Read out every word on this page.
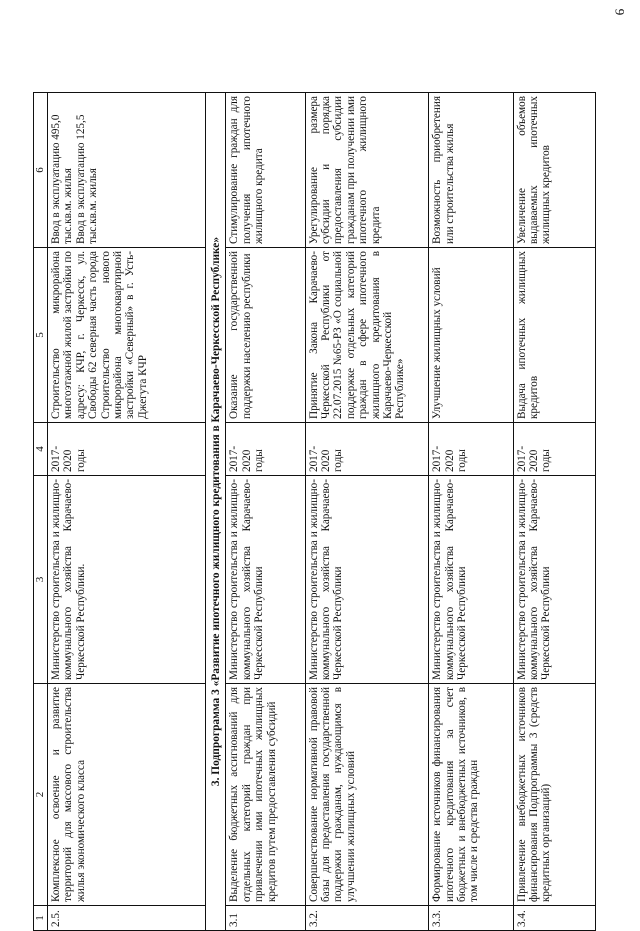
9
1	2	3	4	5	6
2.5.	Комплексное освоение и развитие территорий для массового строительства жилья экономического класса	Министерство строительства и жилищно-коммунального хозяйства Карачаево-Черкесской Республики.	2017-2020 годы	Строительство микрорайона многоэтажной жилой застройки по адресу: КЧР, г. Черкесск, ул. Свободы 62 северная часть города Строительство нового микрорайона многоквартирной застройки «Северный» в г. Усть-Джегута КЧР	Ввод в эксплуатацию 495,0 тыс.кв.м. жилья
Ввод в эксплуатацию 125,5 тыс.кв.м. жилья
3. Подпрограмма 3 «Развитие ипотечного жилищного кредитования в Карачаево-Черкесской Республике»					
3.1	Выделение бюджетных ассигнований для отдельных категорий граждан при привлечении ими ипотечных жилищных кредитов путем предоставления субсидий	Министерство строительства и жилищно-коммунального хозяйства Карачаево-Черкесской Республики	2017-2020 годы	Оказание государственной поддержки населению республики	Стимулирование граждан для получения ипотечного жилищного кредита
3.2.	Совершенствование нормативной правовой базы для предоставления государственной поддержки гражданам, нуждающимся в улучшении жилищных условий	Министерство строительства и жилищно-коммунального хозяйства Карачаево-Черкесской Республики	2017-2020 годы	Принятие Закона Карачаево-Черкесской Республики от 22.07.2015 №65-РЗ «О социальной поддержке отдельных категорий граждан в сфере ипотечного жилищного кредитования в Карачаево-Черкесской Республике»	Урегулирование размера субсидии и порядка предоставления субсидии гражданам при получении ими ипотечного жилищного кредита
3.3.	Формирование источников финансирования ипотечного кредитования за счет бюджетных и внебюджетных источников, в том числе и средства граждан	Министерство строительства и жилищно-коммунального хозяйства Карачаево-Черкесской Республики	2017-2020 годы	Улучшение жилищных условий	Возможность приобретения или строительства жилья
3.4.	Привлечение внебюджетных источников финансирования Подпрограммы 3 (средств кредитных организаций)	Министерство строительства и жилищно-коммунального хозяйства Карачаево-Черкесской Республики	2017-2020 годы	Выдача ипотечных жилищных кредитов	Увеличение объемов выдаваемых ипотечных жилищных кредитов
